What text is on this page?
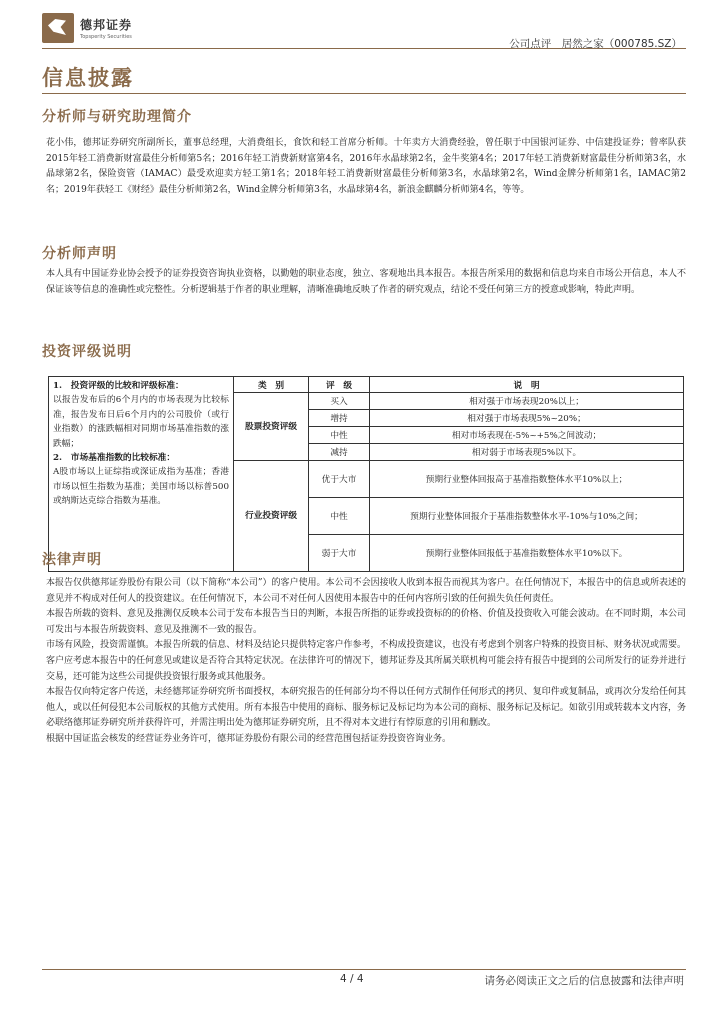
德邦证券
Topsperity Securities
公司点评　居然之家（000785.SZ）
信息披露
分析师与研究助理简介

花小伟，德邦证券研究所副所长，董事总经理，大消费组长，食饮和轻工首席分析师。十年卖方大消费经验，曾任职于中国银河证券、中信建投证券；曾率队获2015年轻工消费新财富最佳分析师第5名；2016年轻工消费新财富第4名，2016年水晶球第2名，金牛奖第4名；2017年轻工消费新财富最佳分析师第3名，水晶球第2名，保险资管（IAMAC）最受欢迎卖方轻工第1名；2018年轻工消费新财富最佳分析师第3名，水晶球第2名，Wind金牌分析师第1名，IAMAC第2名；2019年获轻工《财经》最佳分析师第2名，Wind金牌分析师第3名，水晶球第4名，新浪金麒麟分析师第4名，等等。

分析师声明

本人具有中国证券业协会授予的证券投资咨询执业资格，以勤勉的职业态度，独立、客观地出具本报告。本报告所采用的数据和信息均来自市场公开信息，本人不保证该等信息的准确性或完整性。分析逻辑基于作者的职业理解，清晰准确地反映了作者的研究观点，结论不受任何第三方的授意或影响，特此声明。

投资评级说明
1.　投资评级的比较和评级标准：
以报告发布后的6个月内的市场表现为比较标准，报告发布日后6个月内的公司股价（或行业指数）的涨跌幅相对同期市场基准指数的涨跌幅；
2.　市场基准指数的比较标准：
A股市场以上证综指或深证成指为基准；香港市场以恒生指数为基准；美国市场以标普500或纳斯达克综合指数为基准。	类　别	评　级	说　明
	股票投资评级	买入	相对强于市场表现20%以上；
		增持	相对强于市场表现5%~20%；
		中性	相对市场表现在-5%~+5%之间波动；
		减持	相对弱于市场表现5%以下。
	行业投资评级	优于大市	预期行业整体回报高于基准指数整体水平10%以上；
		中性	预期行业整体回报介于基准指数整体水平-10%与10%之间；
		弱于大市	预期行业整体回报低于基准指数整体水平10%以下。
法律声明

本报告仅供德邦证券股份有限公司（以下简称“本公司”）的客户使用。本公司不会因接收人收到本报告而视其为客户。在任何情况下，本报告中的信息或所表述的意见并不构成对任何人的投资建议。在任何情况下，本公司不对任何人因使用本报告中的任何内容所引致的任何损失负任何责任。

本报告所载的资料、意见及推测仅反映本公司于发布本报告当日的判断，本报告所指的证券或投资标的的价格、价值及投资收入可能会波动。在不同时期，本公司可发出与本报告所载资料、意见及推测不一致的报告。

市场有风险，投资需谨慎。本报告所载的信息、材料及结论只提供特定客户作参考，不构成投资建议，也没有考虑到个别客户特殊的投资目标、财务状况或需要。客户应考虑本报告中的任何意见或建议是否符合其特定状况。在法律许可的情况下，德邦证券及其所属关联机构可能会持有报告中提到的公司所发行的证券并进行交易，还可能为这些公司提供投资银行服务或其他服务。

本报告仅向特定客户传送，未经德邦证券研究所书面授权，本研究报告的任何部分均不得以任何方式制作任何形式的拷贝、复印件或复制品，或再次分发给任何其他人，或以任何侵犯本公司版权的其他方式使用。所有本报告中使用的商标、服务标记及标记均为本公司的商标、服务标记及标记。如欲引用或转载本文内容，务必联络德邦证券研究所并获得许可，并需注明出处为德邦证券研究所，且不得对本文进行有悖原意的引用和删改。

根据中国证监会核发的经营证券业务许可，德邦证券股份有限公司的经营范围包括证券投资咨询业务。

4 / 4	请务必阅读正文之后的信息披露和法律声明
